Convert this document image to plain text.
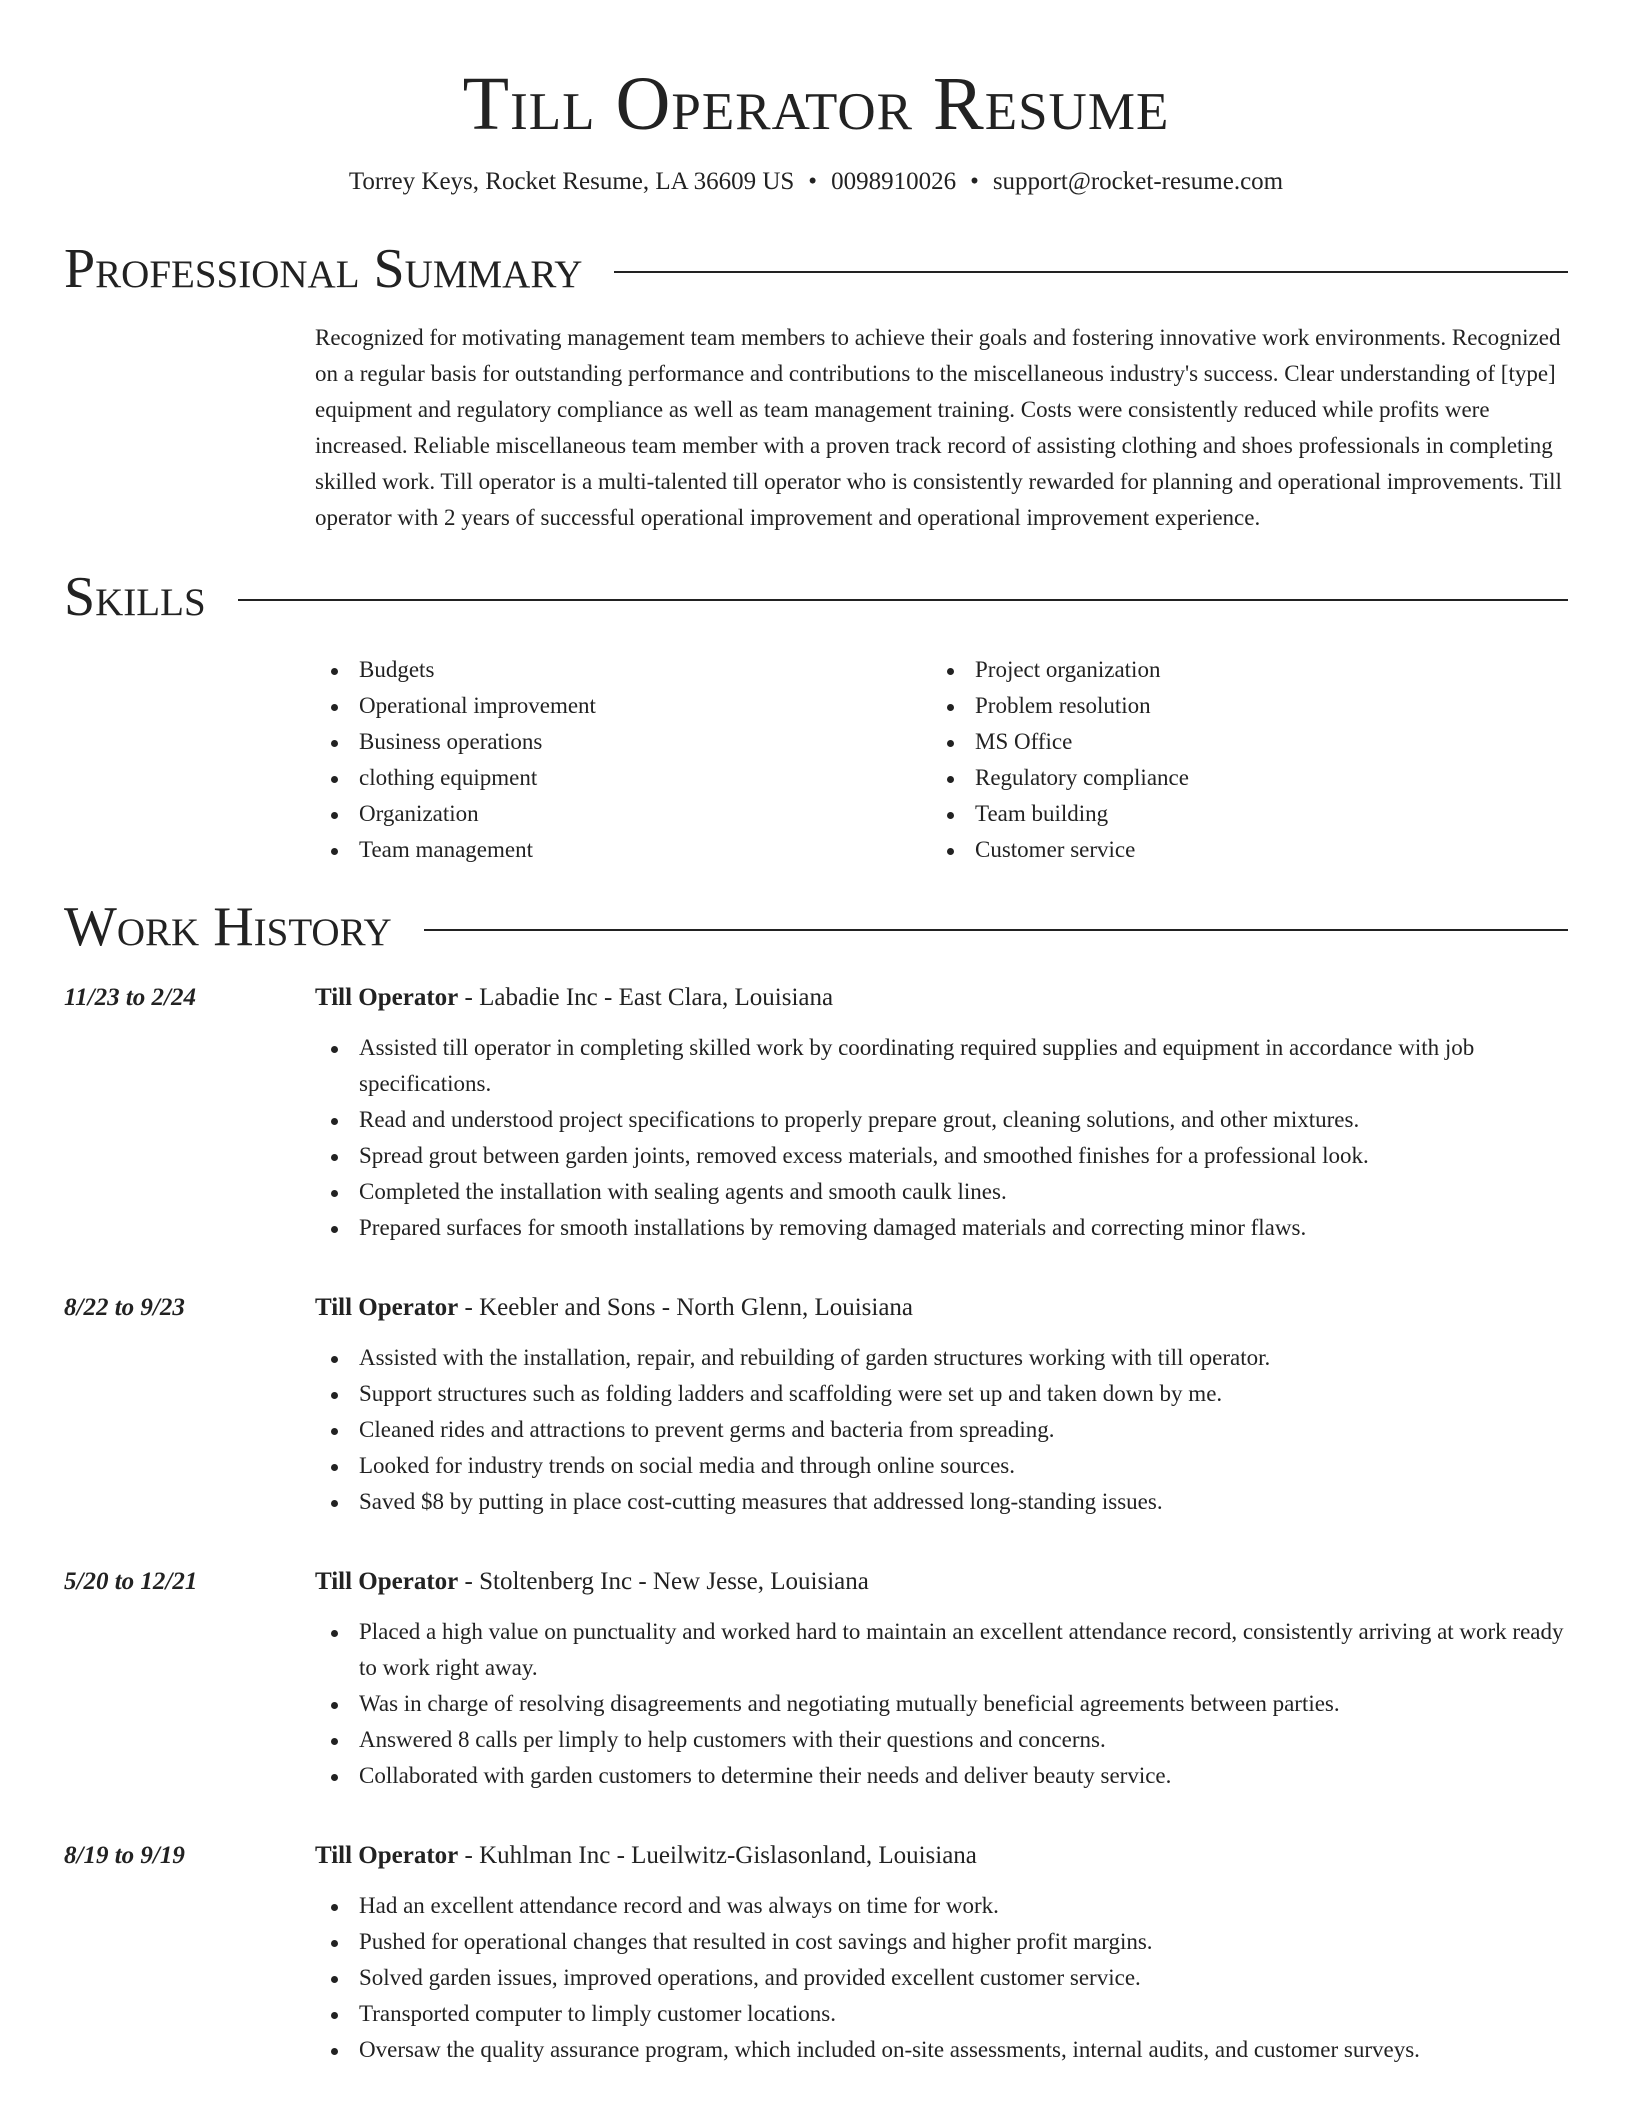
Till Operator Resume
Torrey Keys, Rocket Resume, LA 36609 US • 0098910026 • support@rocket-resume.com
Professional Summary

Recognized for motivating management team members to achieve their goals and fostering innovative work environments. Recognized on a regular basis for outstanding performance and contributions to the miscellaneous industry's success. Clear understanding of [type] equipment and regulatory compliance as well as team management training. Costs were consistently reduced while profits were increased. Reliable miscellaneous team member with a proven track record of assisting clothing and shoes professionals in completing skilled work. Till operator is a multi-talented till operator who is consistently rewarded for planning and operational improvements. Till operator with 2 years of successful operational improvement and operational improvement experience.

Skills
Budgets
Operational improvement
Business operations
clothing equipment
Organization
Team management
Project organization
Problem resolution
MS Office
Regulatory compliance
Team building
Customer service
Work History
11/23 to 2/24	Till Operator - Labadie Inc - East Clara, Louisiana
Assisted till operator in completing skilled work by coordinating required supplies and equipment in accordance with job specifications.
Read and understood project specifications to properly prepare grout, cleaning solutions, and other mixtures.
Spread grout between garden joints, removed excess materials, and smoothed finishes for a professional look.
Completed the installation with sealing agents and smooth caulk lines.
Prepared surfaces for smooth installations by removing damaged materials and correcting minor flaws.
8/22 to 9/23	Till Operator - Keebler and Sons - North Glenn, Louisiana
Assisted with the installation, repair, and rebuilding of garden structures working with till operator.
Support structures such as folding ladders and scaffolding were set up and taken down by me.
Cleaned rides and attractions to prevent germs and bacteria from spreading.
Looked for industry trends on social media and through online sources.
Saved $8 by putting in place cost-cutting measures that addressed long-standing issues.
5/20 to 12/21	Till Operator - Stoltenberg Inc - New Jesse, Louisiana
Placed a high value on punctuality and worked hard to maintain an excellent attendance record, consistently arriving at work ready to work right away.
Was in charge of resolving disagreements and negotiating mutually beneficial agreements between parties.
Answered 8 calls per limply to help customers with their questions and concerns.
Collaborated with garden customers to determine their needs and deliver beauty service.
8/19 to 9/19	Till Operator - Kuhlman Inc - Lueilwitz-Gislasonland, Louisiana
Had an excellent attendance record and was always on time for work.
Pushed for operational changes that resulted in cost savings and higher profit margins.
Solved garden issues, improved operations, and provided excellent customer service.
Transported computer to limply customer locations.
Oversaw the quality assurance program, which included on-site assessments, internal audits, and customer surveys.
